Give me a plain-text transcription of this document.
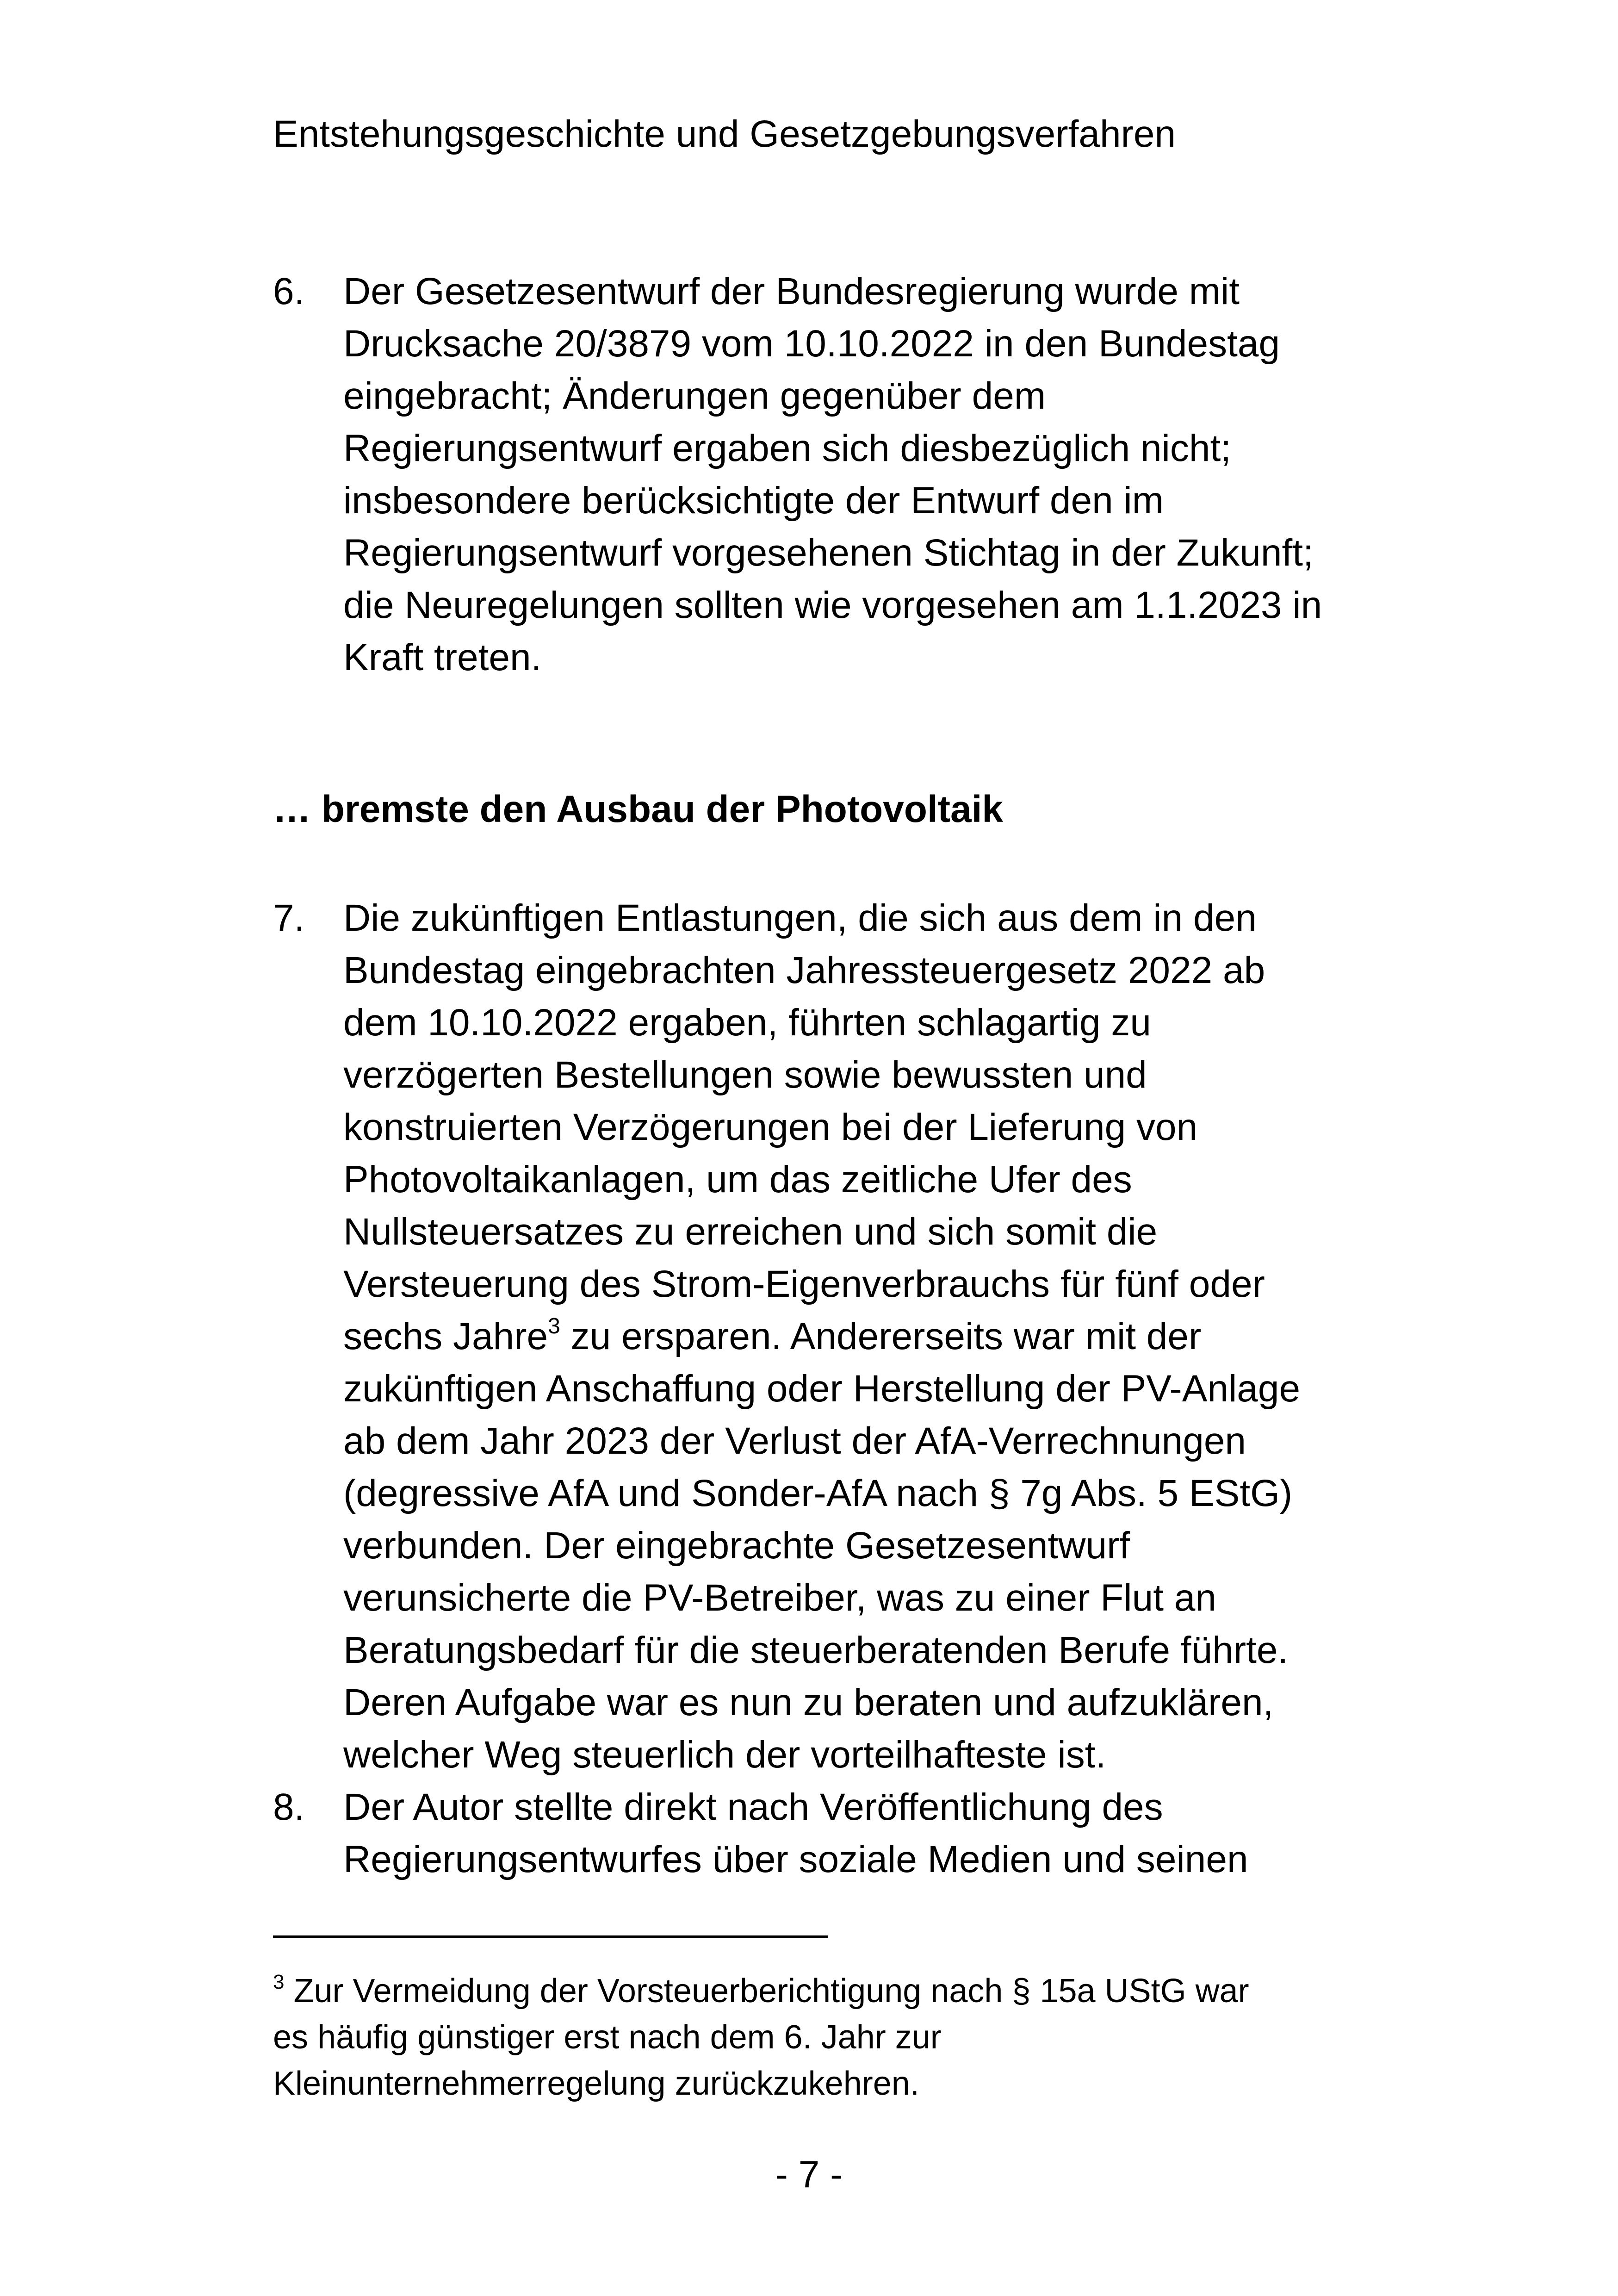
Entstehungsgeschichte und Gesetzgebungsverfahren
6. Der Gesetzesentwurf der Bundesregierung wurde mit
Drucksache 20/3879 vom 10.10.2022 in den Bundestag
eingebracht; Änderungen gegenüber dem
Regierungsentwurf ergaben sich diesbezüglich nicht;
insbesondere berücksichtigte der Entwurf den im
Regierungsentwurf vorgesehenen Stichtag in der Zukunft;
die Neuregelungen sollten wie vorgesehen am 1.1.2023 in
Kraft treten.
… bremste den Ausbau der Photovoltaik
7. Die zukünftigen Entlastungen, die sich aus dem in den
Bundestag eingebrachten Jahressteuergesetz 2022 ab
dem 10.10.2022 ergaben, führten schlagartig zu
verzögerten Bestellungen sowie bewussten und
konstruierten Verzögerungen bei der Lieferung von
Photovoltaikanlagen, um das zeitliche Ufer des
Nullsteuersatzes zu erreichen und sich somit die
Versteuerung des Strom-Eigenverbrauchs für fünf oder
sechs Jahre$^3$ zu ersparen. Andererseits war mit der
zukünftigen Anschaffung oder Herstellung der PV-Anlage
ab dem Jahr 2023 der Verlust der AfA-Verrechnungen
(degressive AfA und Sonder-AfA nach § 7g Abs. 5 EStG)
verbunden. Der eingebrachte Gesetzesentwurf
verunsicherte die PV-Betreiber, was zu einer Flut an
Beratungsbedarf für die steuerberatenden Berufe führte.
Deren Aufgabe war es nun zu beraten und aufzuklären,
welcher Weg steuerlich der vorteilhafteste ist.
8. Der Autor stellte direkt nach Veröffentlichung des
Regierungsentwurfes über soziale Medien und seinen
$^3$ Zur Vermeidung der Vorsteuerberichtigung nach § 15a UStG war
es häufig günstiger erst nach dem 6. Jahr zur
Kleinunternehmerregelung zurückzukehren.
- 7 -
